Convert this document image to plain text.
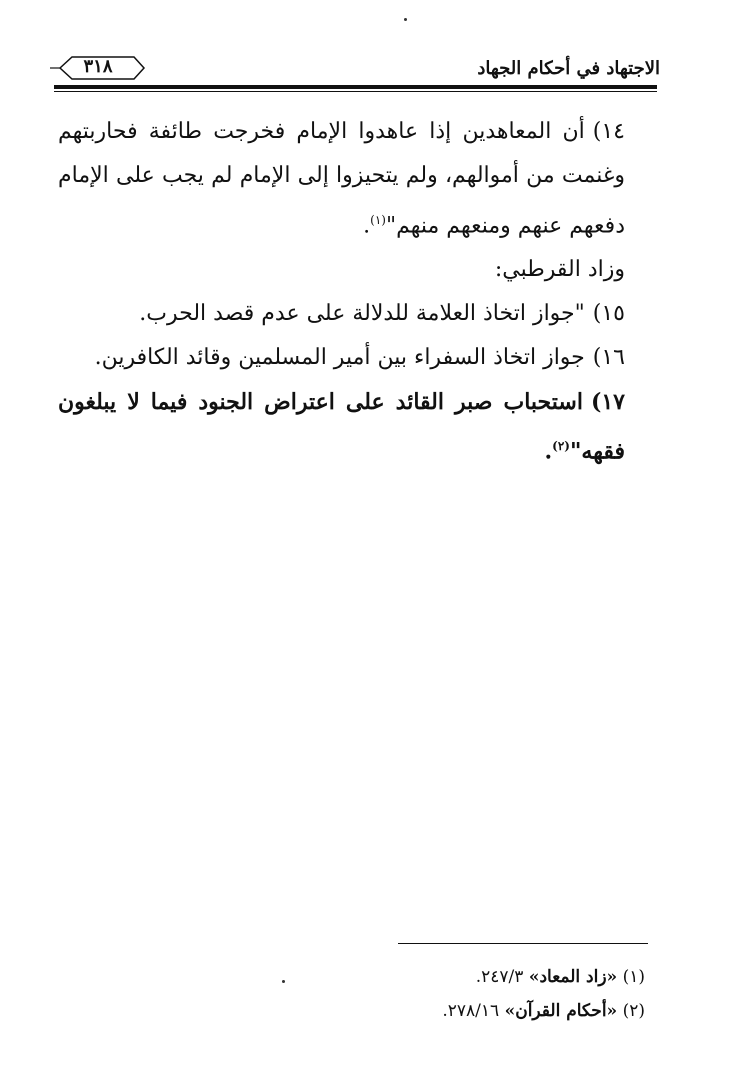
٣١٨	الاجتهاد في أحكام الجهاد

١٤)أن المعاهدين إذا عاهدوا الإمام فخرجت طائفة فحاربتهم وغنمت من أموالهم، ولم يتحيزوا إلى الإمام لم يجب على الإمام دفعهم عنهم ومنعهم منهم"$^{(١)}$.

وزاد القرطبي:

١٥)"جواز اتخاذ العلامة للدلالة على عدم قصد الحرب.

١٦)جواز اتخاذ السفراء بين أمير المسلمين وقائد الكافرين.

١٧)استحباب صبر القائد على اعتراض الجنود فيما لا يبلغون فقهه"$^{(٢)}$.

(١) «زاد المعاد» ٢٤٧/٣.

(٢) «أحكام القرآن» ٢٧٨/١٦.
